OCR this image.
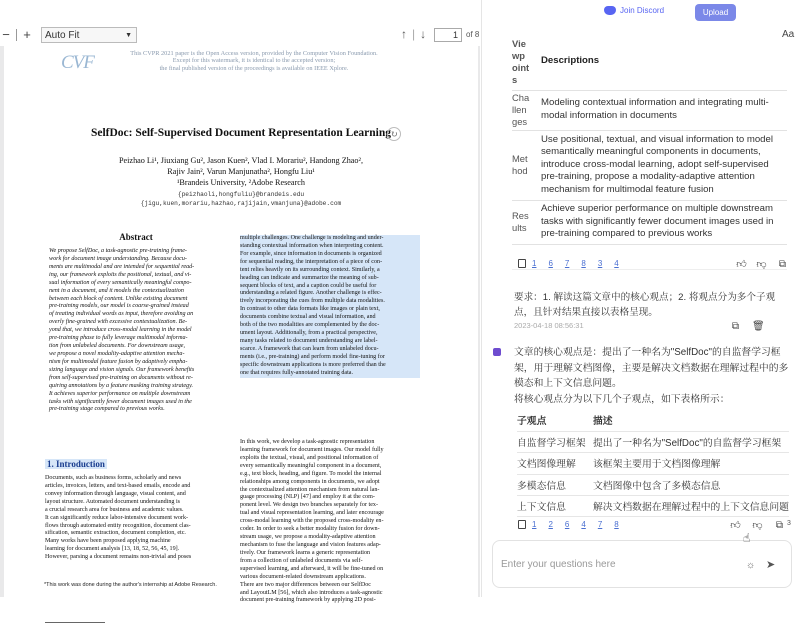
− + Auto Fit	▼	↑ | ↓	1	of 8
CVF	This CVPR 2021 paper is the Open Access version, provided by the Computer Vision Foundation.
Except for this watermark, it is identical to the accepted version;
the final published version of the proceedings is available on IEEE Xplore.
SelfDoc: Self-Supervised Document Representation Learning ↻
Peizhao Li¹, Jiuxiang Gu², Jason Kuen², Vlad I. Morariu², Handong Zhao²,
Rajiv Jain², Varun Manjunatha², Hongfu Liu¹
¹Brandeis University, ²Adobe Research
{peizhaoli,hongfuliu}@brandeis.edu
{jigu,kuen,morariu,hazhao,rajijain,vmanjuna}@adobe.com
Abstract
We propose SelfDoc, a task-agnostic pre-training frame-
work for document image understanding. Because docu-
ments are multimodal and are intended for sequential read-
ing, our framework exploits the positional, textual, and vi-
sual information of every semantically meaningful compo-
nent in a document, and it models the contextualization
between each block of content. Unlike existing document
pre-training models, our model is coarse-grained instead
of treating individual words as input, therefore avoiding an
overly fine-grained with excessive contextualization. Be-
yond that, we introduce cross-modal learning in the model
pre-training phase to fully leverage multimodal informa-
tion from unlabeled documents. For downstream usage,
we propose a novel modality-adaptive attention mecha-
nism for multimodal feature fusion by adaptively empha-
sizing language and vision signals. Our framework benefits
from self-supervised pre-training on documents without re-
quiring annotations by a feature masking training strategy.
It achieves superior performance on multiple downstream
tasks with significantly fewer document images used in the
pre-training stage compared to previous works.
1. Introduction
Documents, such as business forms, scholarly and news
articles, invoices, letters, and text-based emails, encode and
convey information through language, visual content, and
layout structure. Automated document understanding is
a crucial research area for business and academic values.
It can significantly reduce labor-intensive document work-
flows through automated entity recognition, document clas-
sification, semantic extraction, document completion, etc.
Many works have been proposed applying machine
learning for document analysis [13, 18, 52, 56, 45, 19].
However, parsing a document remains non-trivial and poses
multiple challenges. One challenge is modeling and under-
standing contextual information when interpreting content.
For example, since information in documents is organized
for sequential reading, the interpretation of a piece of con-
tent relies heavily on its surrounding context. Similarly, a
heading can indicate and summarize the meaning of sub-
sequent blocks of text, and a caption could be useful for
understanding a related figure. Another challenge is effec-
tively incorporating the cues from multiple data modalities.
In contrast to other data formats like images or plain text,
documents combine textual and visual information, and
both of the two modalities are complemented by the doc-
ument layout. Additionally, from a practical perspective,
many tasks related to document understanding are label-
scarce. A framework that can learn from unlabeled docu-
ments (i.e., pre-training) and perform model fine-tuning for
specific downstream applications is more preferred than the
one that requires fully-annotated training data.
In this work, we develop a task-agnostic representation
learning framework for document images. Our model fully
exploits the textual, visual, and positional information of
every semantically meaningful component in a document,
e.g., text block, heading, and figure. To model the internal
relationships among components in documents, we adopt
the contextualized attention mechanism from natural lan-
guage processing (NLP) [47] and employ it at the com-
ponent level. We design two branches separately for tex-
tual and visual representation learning, and later encourage
cross-modal learning with the proposed cross-modality en-
coder. In order to seek a better modality fusion for down-
stream usage, we propose a modality-adaptive attention
mechanism to fuse the language and vision features adap-
tively. Our framework learns a generic representation
from a collection of unlabeled documents via self-
supervised learning, and afterward, it will be fine-tuned on
various document-related downstream applications.
There are two major differences between our SelfDoc
and LayoutLM [56], which also introduces a task-agnostic
document pre-training framework by applying 2D posi-
*This work was done during the author's internship at Adobe Research.
Join Discord	Upload
Aa
Vie
wp
oint
s	Descriptions
Cha
llen
ges	Modeling contextual information and integrating multi-modal information in documents
Met
hod	Use positional, textual, and visual information to model semantically meaningful components in documents, introduce cross-modal learning, adopt self-supervised pre-training, propose a modality-adaptive attention mechanism for multimodal feature fusion
Res
ults	Achieve superior performance on multiple downstream tasks with significantly fewer document images used in pre-training compared to previous works
1 6 7 8 3 4	👍︎ 👎︎ ⧉
要求：1. 解读这篇文章中的核心观点；2. 将观点分为多个子观点，且针对结果直接以表格呈现。
2023-04-18 08:56:31	⧉ 🗑︎
文章的核心观点是：提出了一种名为"SelfDoc"的自监督学习框架，用于理解文档图像，主要是解决文档数据在理解过程中的多模态和上下文信息问题。
将核心观点分为以下几个子观点，如下表格所示：
子观点	描述
自监督学习框架	提出了一种名为"SelfDoc"的自监督学习框架
文档图像理解	该框架主要用于文档图像理解
多模态信息	文档图像中包含了多模态信息
上下文信息	解决文档数据在理解过程中的上下文信息问题
1 2 6 4 7 8	👍︎ 👎︎ ⧉ 3
Enter your questions here	☼ ➤
☝
